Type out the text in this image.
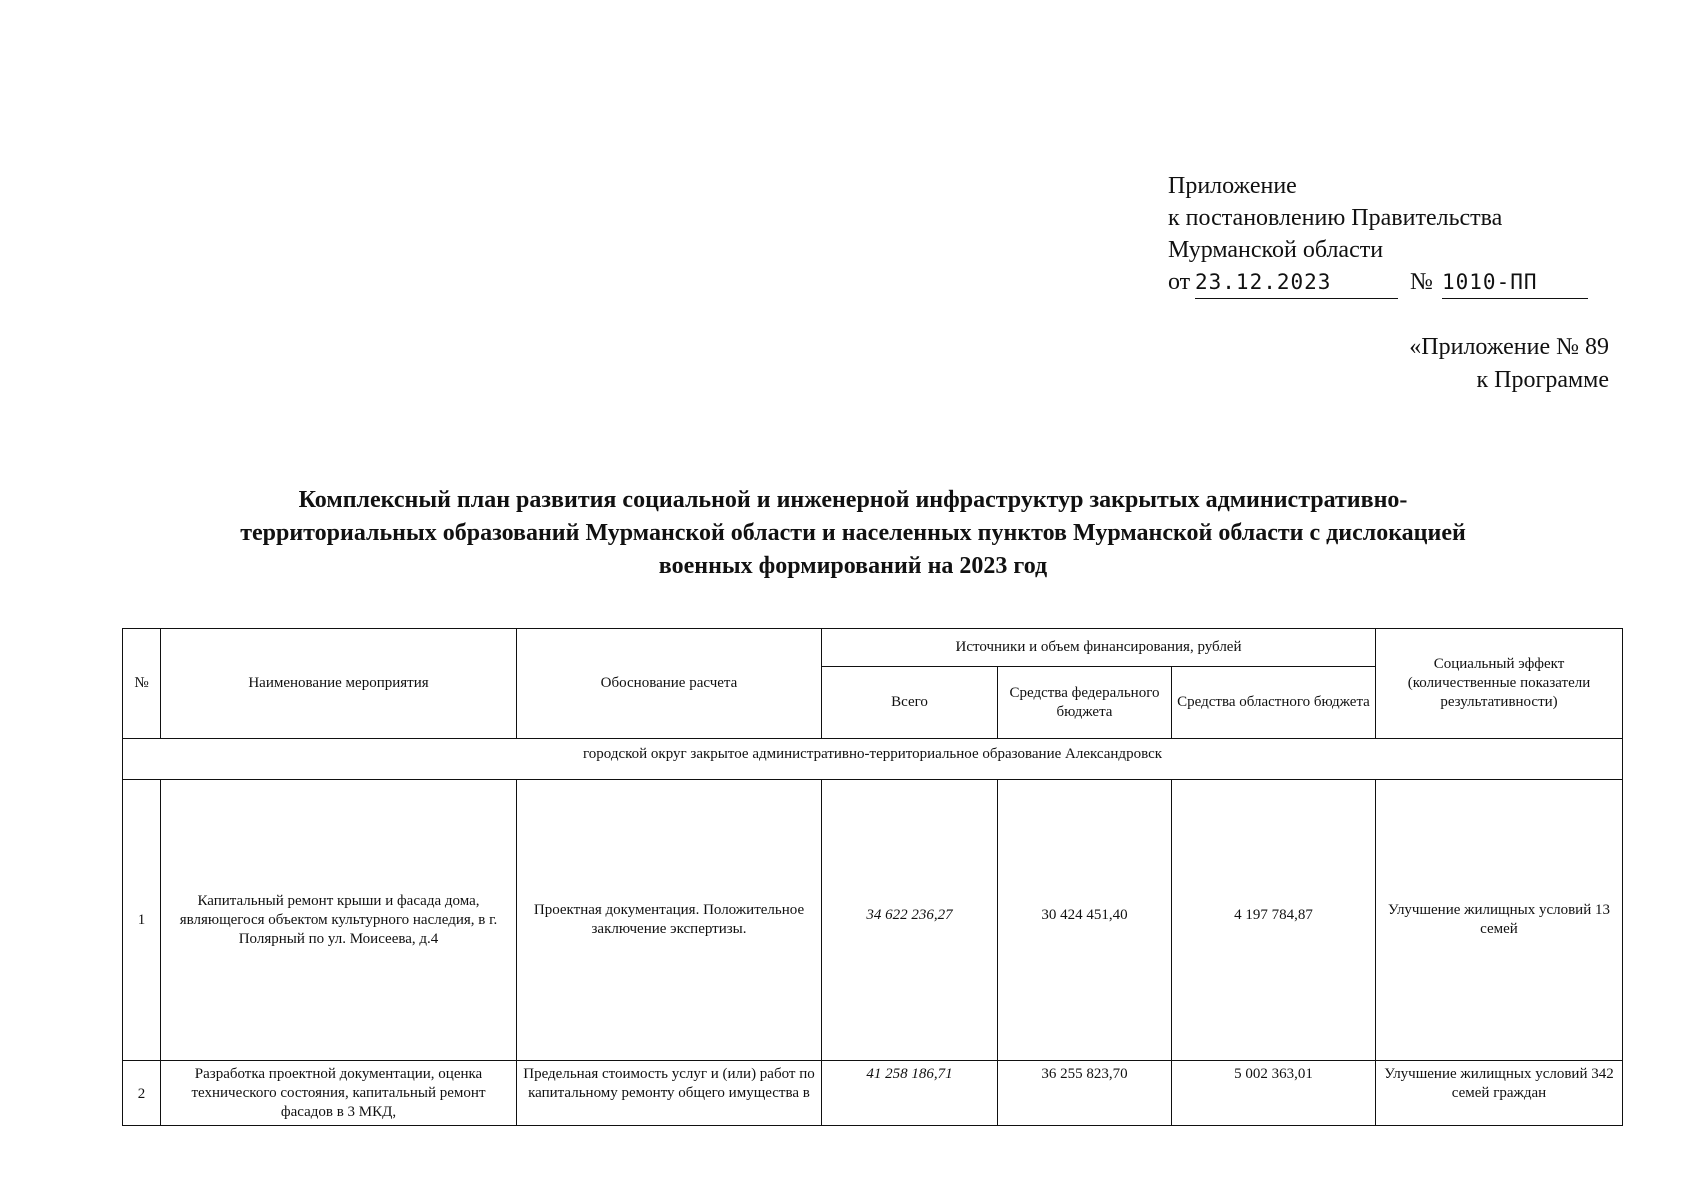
Приложение
к постановлению Правительства
Мурманской области
от 23.12.2023	№ 1010-ПП
«Приложение № 89
к Программе
Комплексный план развития социальной и инженерной инфраструктур закрытых административно-
территориальных образований Мурманской области и населенных пунктов Мурманской области с дислокацией
военных формирований на 2023 год
№	Наименование мероприятия	Обоснование расчета	Источники и объем финансирования, рублей			Социальный эффект (количественные показатели результативности)
			Всего	Средства федерального бюджета	Средства областного бюджета	
городской округ закрытое административно-территориальное образование Александровск						
1	Капитальный ремонт крыши и фасада дома, являющегося объектом культурного наследия, в г. Полярный по ул. Моисеева, д.4	Проектная документация. Положительное заключение экспертизы.	34 622 236,27	30 424 451,40	4 197 784,87	Улучшение жилищных условий 13 семей
2	Разработка проектной документации, оценка технического состояния, капитальный ремонт фасадов в 3 МКД,	Предельная стоимость услуг и (или) работ по капитальному ремонту общего имущества в	41 258 186,71	36 255 823,70	5 002 363,01	Улучшение жилищных условий 342 семей граждан
